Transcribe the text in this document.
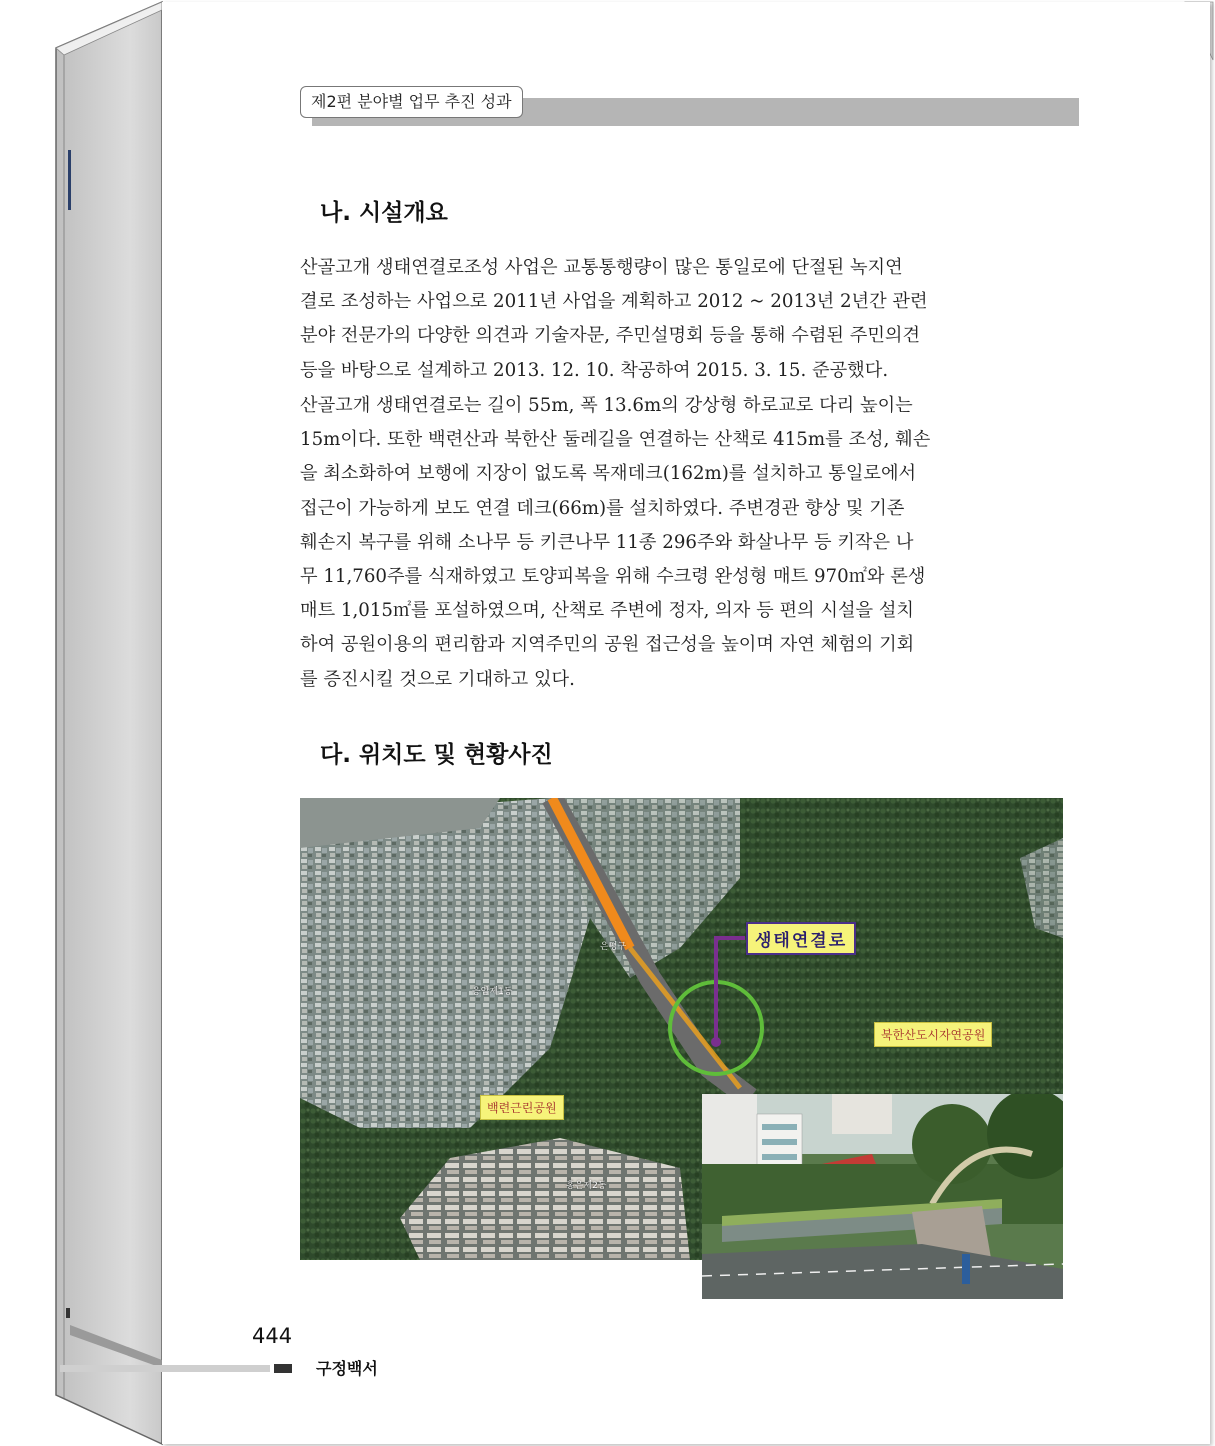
제2편 분야별 업무 추진 성과
나. 시설개요
산골고개 생태연결로조성 사업은 교통통행량이 많은 통일로에 단절된 녹지연
결로 조성하는 사업으로 2011년 사업을 계획하고 2012 ~ 2013년 2년간 관련
분야 전문가의 다양한 의견과 기술자문, 주민설명회 등을 통해 수렴된 주민의견
등을 바탕으로 설계하고 2013. 12. 10. 착공하여 2015. 3. 15. 준공했다.
산골고개 생태연결로는 길이 55m, 폭 13.6m의 강상형 하로교로 다리 높이는
15m이다. 또한 백련산과 북한산 둘레길을 연결하는 산책로 415m를 조성, 훼손
을 최소화하여 보행에 지장이 없도록 목재데크(162m)를 설치하고 통일로에서
접근이 가능하게 보도 연결 데크(66m)를 설치하였다. 주변경관 향상 및 기존
훼손지 복구를 위해 소나무 등 키큰나무 11종 296주와 화살나무 등 키작은 나
무 11,760주를 식재하였고 토양피복을 위해 수크령 완성형 매트 970㎡와 론생
매트 1,015㎡를 포설하였으며, 산책로 주변에 정자, 의자 등 편의 시설을 설치
하여 공원이용의 편리함과 지역주민의 공원 접근성을 높이며 자연 체험의 기회
를 증진시킬 것으로 기대하고 있다.
다. 위치도 및 현황사진
생태연결로
북한산도시자연공원
백련근린공원
은평구
응암제1동
홍은제2동
444
구정백서
